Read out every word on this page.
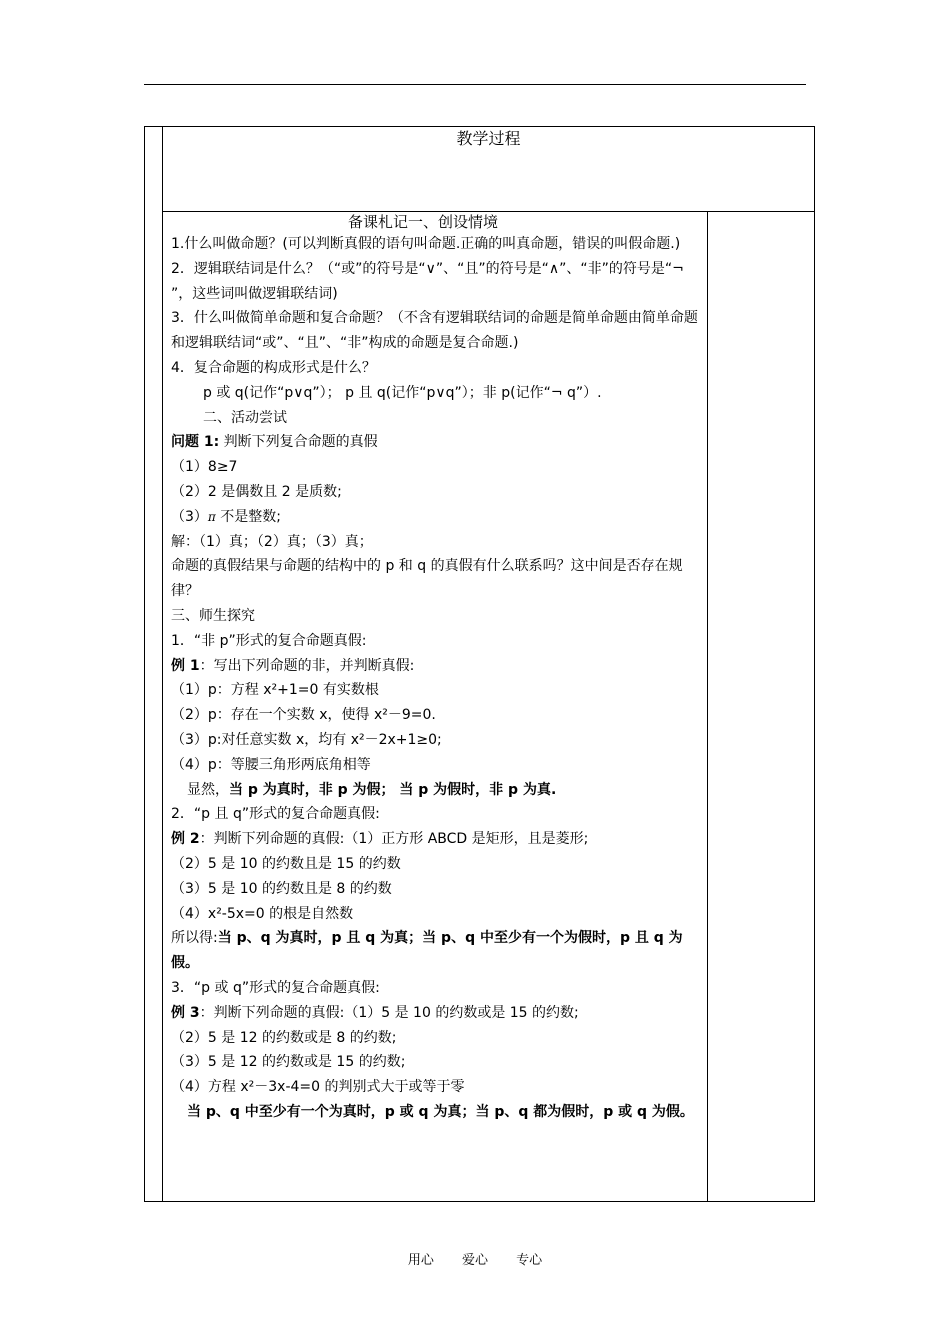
教学过程
备课札记一、创设情境

1.什么叫做命题？(可以判断真假的语句叫命题.正确的叫真命题，错误的叫假命题.)

2．逻辑联结词是什么？（“或”的符号是“∨”、“且”的符号是“∧”、“非”的符号是“¬ ”，这些词叫做逻辑联结词)

3．什么叫做简单命题和复合命题？（不含有逻辑联结词的命题是简单命题由简单命题和逻辑联结词“或”、“且”、“非”构成的命题是复合命题.)

4．复合命题的构成形式是什么？

p 或 q(记作“p∨q”）； p 且 q(记作“p∨q”）；非 p(记作“¬ q”）.

二、活动尝试

问题 1: 判断下列复合命题的真假

（1）8≥7

（2）2 是偶数且 2 是质数;

（3）π 不是整数;

解：（1）真；（2）真；（3）真；

命题的真假结果与命题的结构中的 p 和 q 的真假有什么联系吗？这中间是否存在规律？

三、师生探究

1．“非 p”形式的复合命题真假:

例 1：写出下列命题的非，并判断真假:

（1）p：方程 x²+1=0 有实数根

（2）p：存在一个实数 x，使得 x²－9=0.

（3）p:对任意实数 x，均有 x²－2x+1≥0;

（4）p：等腰三角形两底角相等

显然，当 p 为真时，非 p 为假； 当 p 为假时，非 p 为真.

2．“p 且 q”形式的复合命题真假:

例 2：判断下列命题的真假:（1）正方形 ABCD 是矩形，且是菱形;

（2）5 是 10 的约数且是 15 的约数

（3）5 是 10 的约数且是 8 的约数

（4）x²-5x=0 的根是自然数

所以得:当 p、q 为真时，p 且 q 为真；当 p、q 中至少有一个为假时，p 且 q 为假。

3．“p 或 q”形式的复合命题真假:

例 3：判断下列命题的真假:（1）5 是 10 的约数或是 15 的约数;

（2）5 是 12 的约数或是 8 的约数;

（3）5 是 12 的约数或是 15 的约数;

（4）方程 x²－3x-4=0 的判别式大于或等于零

当 p、q 中至少有一个为真时，p 或 q 为真；当 p、q 都为假时，p 或 q 为假。

用心 爱心 专心
